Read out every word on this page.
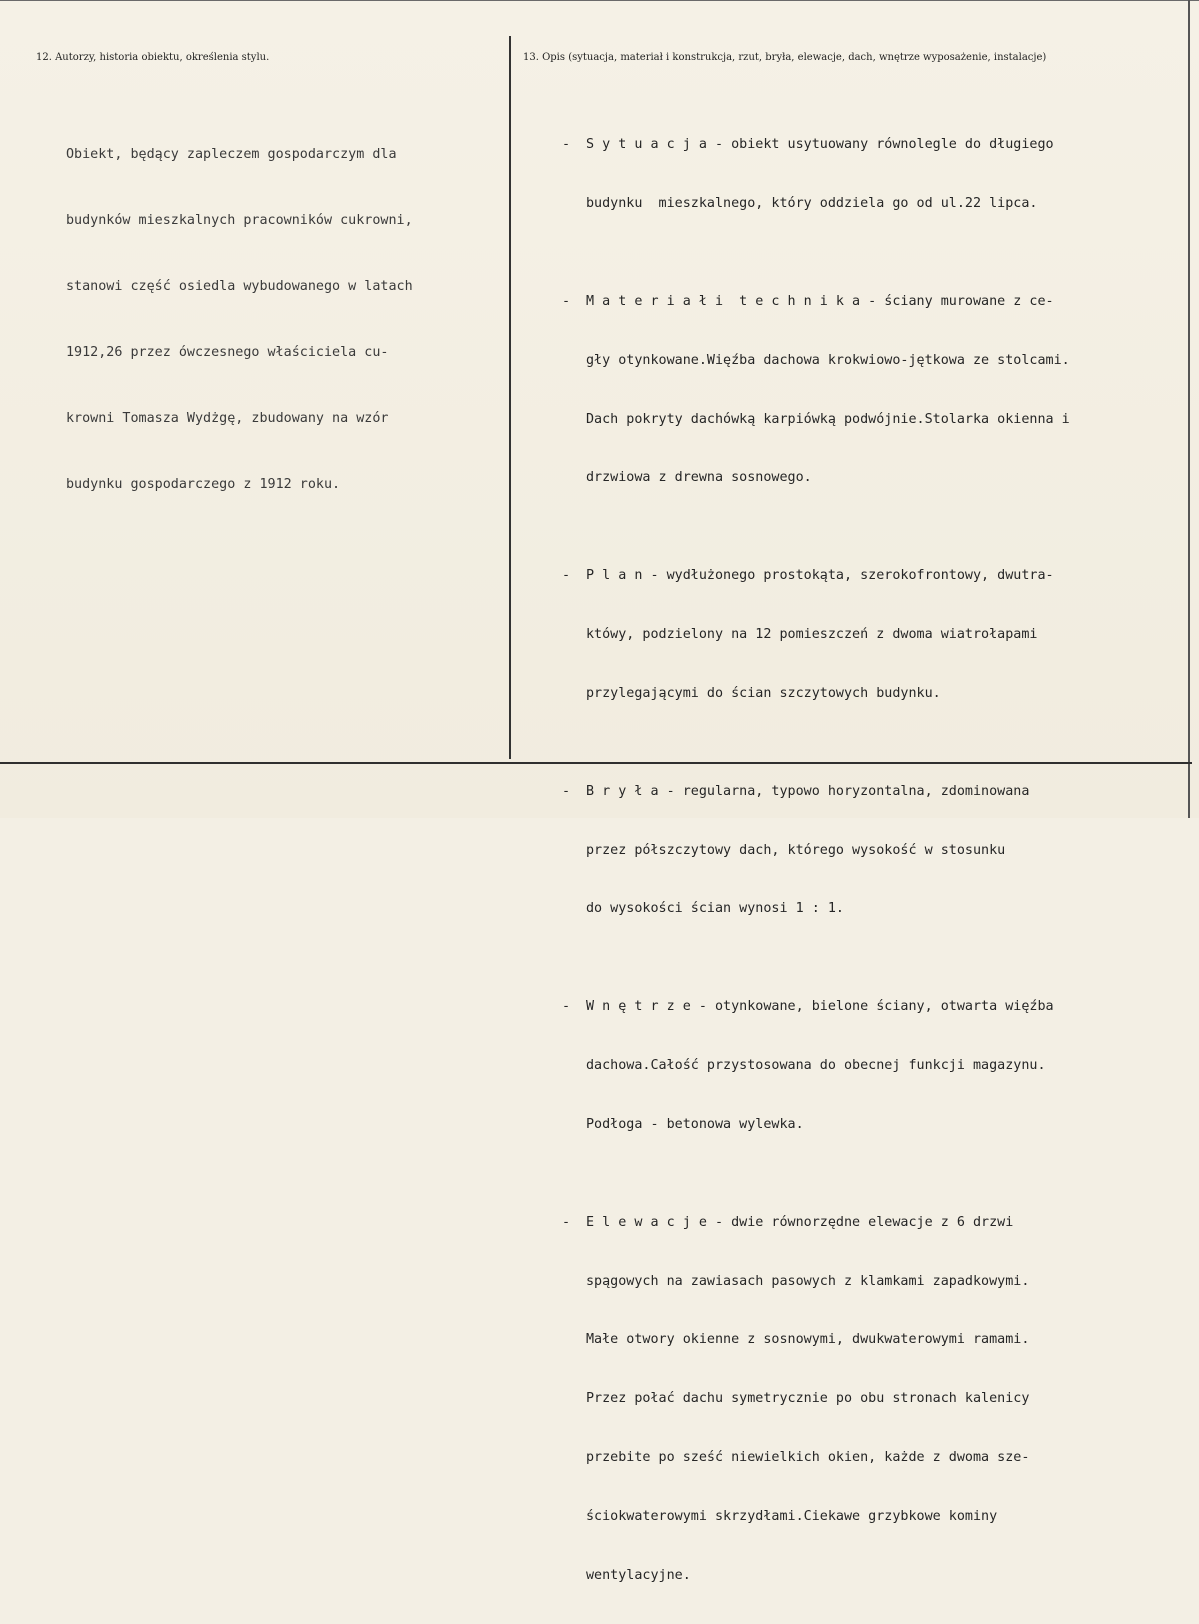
12. Autorzy, historia obiektu, określenia stylu.	13. Opis (sytuacja, materiał i konstrukcja, rzut, bryła, elewacje, dach, wnętrze wyposażenie, instalacje)

Obiekt, będący zapleczem gospodarczym dla

budynków mieszkalnych pracowników cukrowni,

stanowi część osiedla wybudowanego w latach

1912,26 przez ówczesnego właściciela cu-

krowni Tomasza Wydżgę, zbudowany na wzór

budynku gospodarczego z 1912 roku.

- S y t u a c j a - obiekt usytuowany równolegle do długiego

budynku  mieszkalnego, który oddziela go od ul.22 lipca.

- M a t e r i a ł i  t e c h n i k a - ściany murowane z ce-

gły otynkowane.Więźba dachowa krokwiowo-jętkowa ze stolcami.

Dach pokryty dachówką karpiówką podwójnie.Stolarka okienna i

drzwiowa z drewna sosnowego.

- P l a n - wydłużonego prostokąta, szerokofrontowy, dwutra-

któwy, podzielony na 12 pomieszczeń z dwoma wiatrołapami

przylegającymi do ścian szczytowych budynku.

- B r y ł a - regularna, typowo horyzontalna, zdominowana

przez półszczytowy dach, którego wysokość w stosunku

do wysokości ścian wynosi 1 : 1.

- W n ę t r z e - otynkowane, bielone ściany, otwarta więźba

dachowa.Całość przystosowana do obecnej funkcji magazynu.

Podłoga - betonowa wylewka.

- E l e w a c j e - dwie równorzędne elewacje z 6 drzwi

spągowych na zawiasach pasowych z klamkami zapadkowymi.

Małe otwory okienne z sosnowymi, dwukwaterowymi ramami.

Przez połać dachu symetrycznie po obu stronach kalenicy

przebite po sześć niewielkich okien, każde z dwoma sze-

ściokwaterowymi skrzydłami.Ciekawe grzybkowe kominy

wentylacyjne.
